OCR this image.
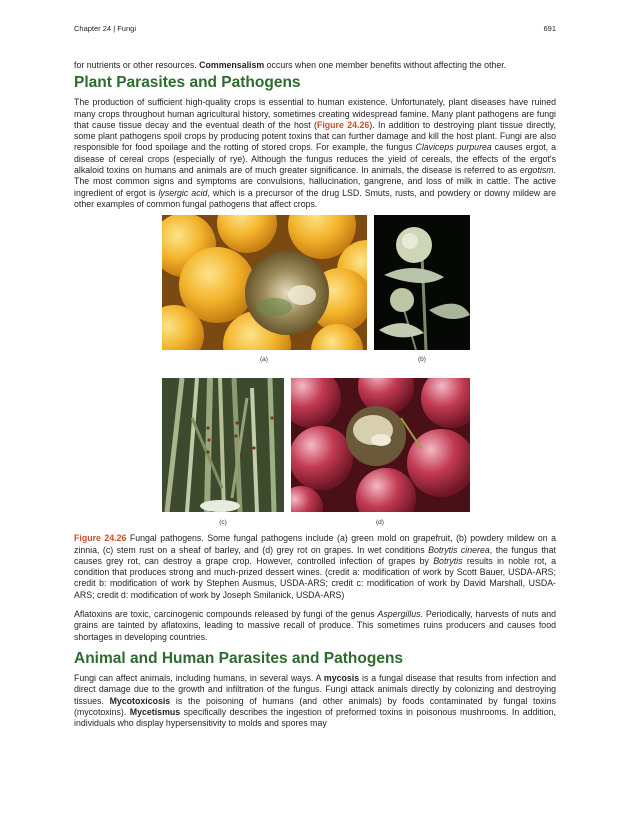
Chapter 24 | Fungi	691

for nutrients or other resources. Commensalism occurs when one member benefits without affecting the other.

Plant Parasites and Pathogens

The production of sufficient high-quality crops is essential to human existence. Unfortunately, plant diseases have ruined many crops throughout human agricultural history, sometimes creating widespread famine. Many plant pathogens are fungi that cause tissue decay and the eventual death of the host (Figure 24.26). In addition to destroying plant tissue directly, some plant pathogens spoil crops by producing potent toxins that can further damage and kill the host plant. Fungi are also responsible for food spoilage and the rotting of stored crops. For example, the fungus Claviceps purpurea causes ergot, a disease of cereal crops (especially of rye). Although the fungus reduces the yield of cereals, the effects of the ergot's alkaloid toxins on humans and animals are of much greater significance. In animals, the disease is referred to as ergotism. The most common signs and symptoms are convulsions, hallucination, gangrene, and loss of milk in cattle. The active ingredient of ergot is lysergic acid, which is a precursor of the drug LSD. Smuts, rusts, and powdery or downy mildew are other examples of common fungal pathogens that affect crops.

(a)	(b)
(c)	(d)

Figure 24.26 Fungal pathogens. Some fungal pathogens include (a) green mold on grapefruit, (b) powdery mildew on a zinnia, (c) stem rust on a sheaf of barley, and (d) grey rot on grapes. In wet conditions Botrytis cinerea, the fungus that causes grey rot, can destroy a grape crop. However, controlled infection of grapes by Botrytis results in noble rot, a condition that produces strong and much-prized dessert wines. (credit a: modification of work by Scott Bauer, USDA-ARS; credit b: modification of work by Stephen Ausmus, USDA-ARS; credit c: modification of work by David Marshall, USDA-ARS; credit d: modification of work by Joseph Smilanick, USDA-ARS)

Aflatoxins are toxic, carcinogenic compounds released by fungi of the genus Aspergillus. Periodically, harvests of nuts and grains are tainted by aflatoxins, leading to massive recall of produce. This sometimes ruins producers and causes food shortages in developing countries.

Animal and Human Parasites and Pathogens

Fungi can affect animals, including humans, in several ways. A mycosis is a fungal disease that results from infection and direct damage due to the growth and infiltration of the fungus. Fungi attack animals directly by colonizing and destroying tissues. Mycotoxicosis is the poisoning of humans (and other animals) by foods contaminated by fungal toxins (mycotoxins). Mycetismus specifically describes the ingestion of preformed toxins in poisonous mushrooms. In addition, individuals who display hypersensitivity to molds and spores may
